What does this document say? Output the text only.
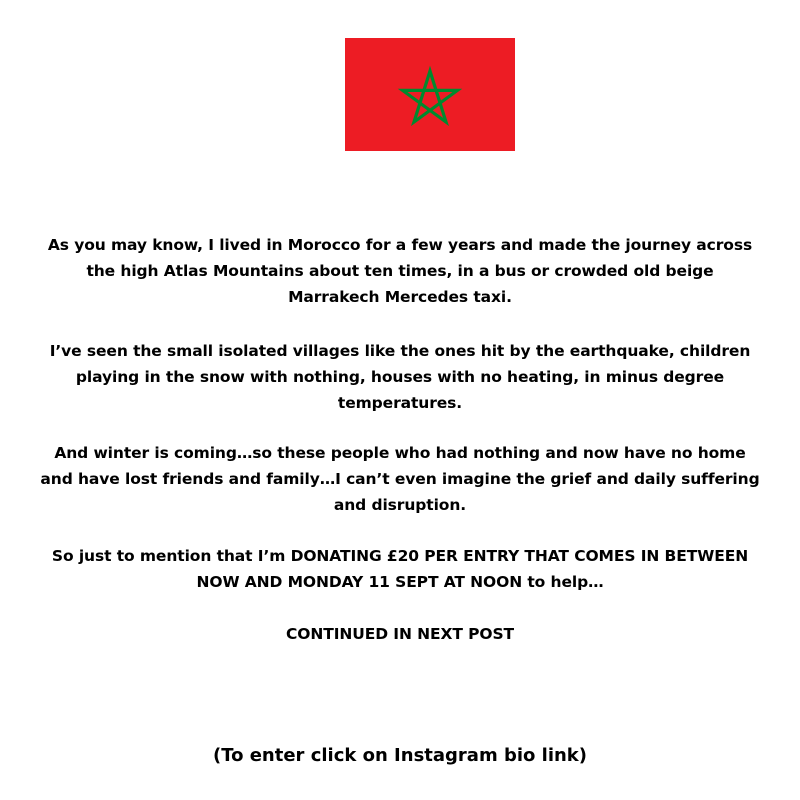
As you may know, I lived in Morocco for a few years and made the journey across the high Atlas Mountains about ten times, in a bus or crowded old beige Marrakech Mercedes taxi.

I’ve seen the small isolated villages like the ones hit by the earthquake, children playing in the snow with nothing, houses with no heating, in minus degree temperatures.

And winter is coming…so these people who had nothing and now have no home and have lost friends and family…I can’t even imagine the grief and daily suffering and disruption.

So just to mention that I’m DONATING £20 PER ENTRY THAT COMES IN BETWEEN NOW AND MONDAY 11 SEPT AT NOON to help…

CONTINUED IN NEXT POST

(To enter click on Instagram bio link)
